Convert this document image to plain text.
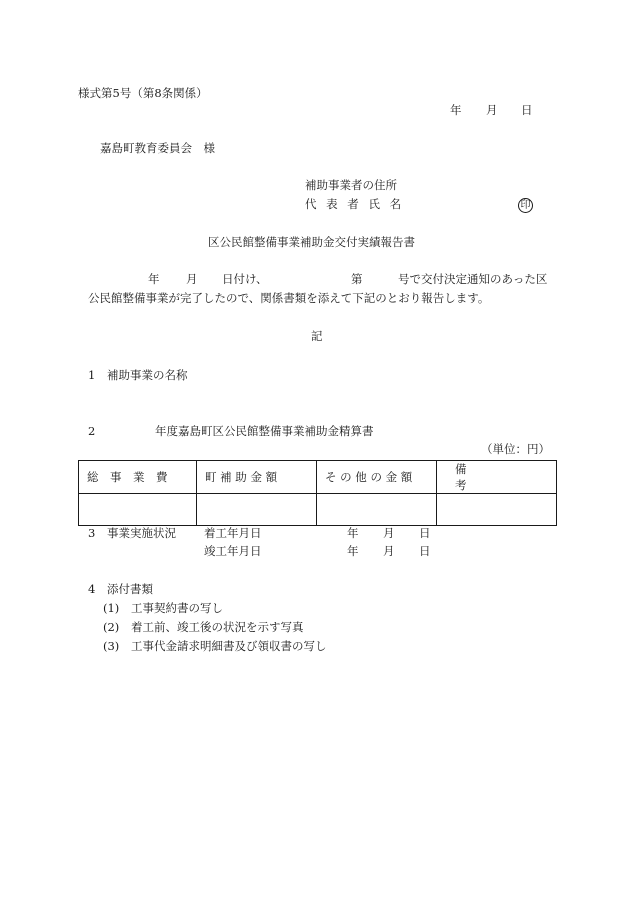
様式第5号（第8条関係）
年 月 日
嘉島町教育委員会　様
補助事業者の住所
代 表 者 氏 名	印
区公民館整備事業補助金交付実績報告書
年 月 日付け、	第	号で交付決定通知のあった区
公民館整備事業が完了したので、関係書類を添えて下記のとおり報告します。
記
1 補助事業の名称
2	年度嘉島町区公民館整備事業補助金精算書
（単位：円）
総　事　業　費	町 補 助 金 額	そ の 他 の 金 額	備　考

3 事業実施状況 着工年月日	年 月 日
竣工年月日	年 月 日
4 添付書類
(1) 工事契約書の写し
(2) 着工前、竣工後の状況を示す写真
(3) 工事代金請求明細書及び領収書の写し
